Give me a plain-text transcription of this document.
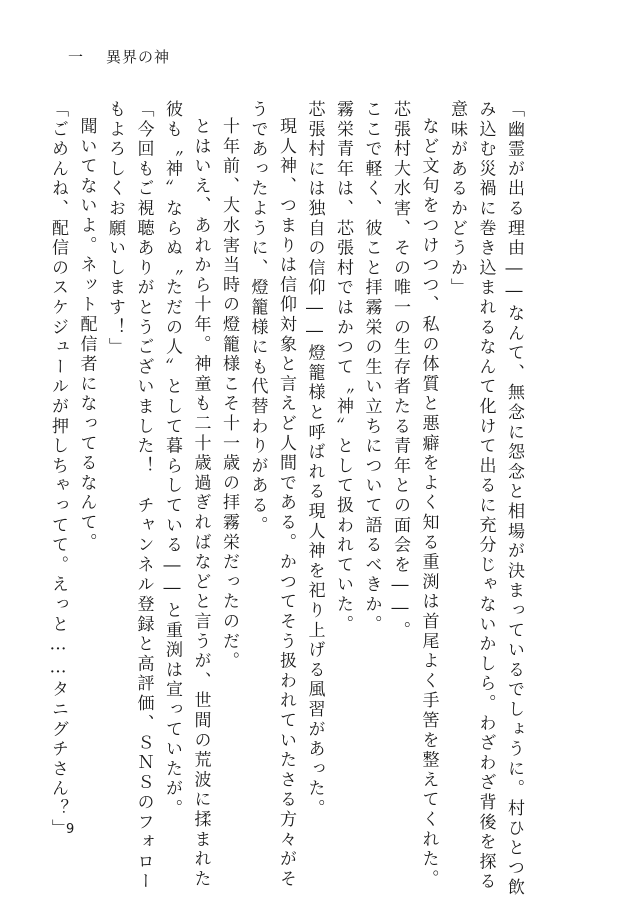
一 異界の神

「幽霊が出る理由――なんて、無念に怨念と相場が決まっているでしょうに。村ひとつ飲

み込む災禍に巻き込まれるなんて化けて出るに充分じゃないかしら。わざわざ背後を探る

意味があるかどうか」

など文句をつけつつ、私の体質と悪癖をよく知る重渕は首尾よく手筈を整えてくれた。

芯張村大水害、その唯一の生存者たる青年との面会を――。

ここで軽く、彼こと拝霧栄の生い立ちについて語るべきか。

霧栄青年は、芯張村ではかつて〝神〟として扱われていた。

芯張村には独自の信仰――燈籠様と呼ばれる現人神を祀り上げる風習があった。

現人神、つまりは信仰対象と言えど人間である。かつてそう扱われていたさる方々がそ

うであったように、燈籠様にも代替わりがある。

十年前、大水害当時の燈籠様こそ十一歳の拝霧栄だったのだ。

とはいえ、あれから十年。神童も二十歳過ぎればなどと言うが、世間の荒波に揉まれた

彼も〝神〟ならぬ〝ただの人〟として暮らしている――と重渕は宣っていたが。

「今回もご視聴ありがとうございました！　チャンネル登録と高評価、ＳＮＳのフォロー

もよろしくお願いします！」

聞いてないよ。ネット配信者になってるなんて。

「ごめんね、配信のスケジュールが押しちゃってて。えっと……タニグチさん？」

9
